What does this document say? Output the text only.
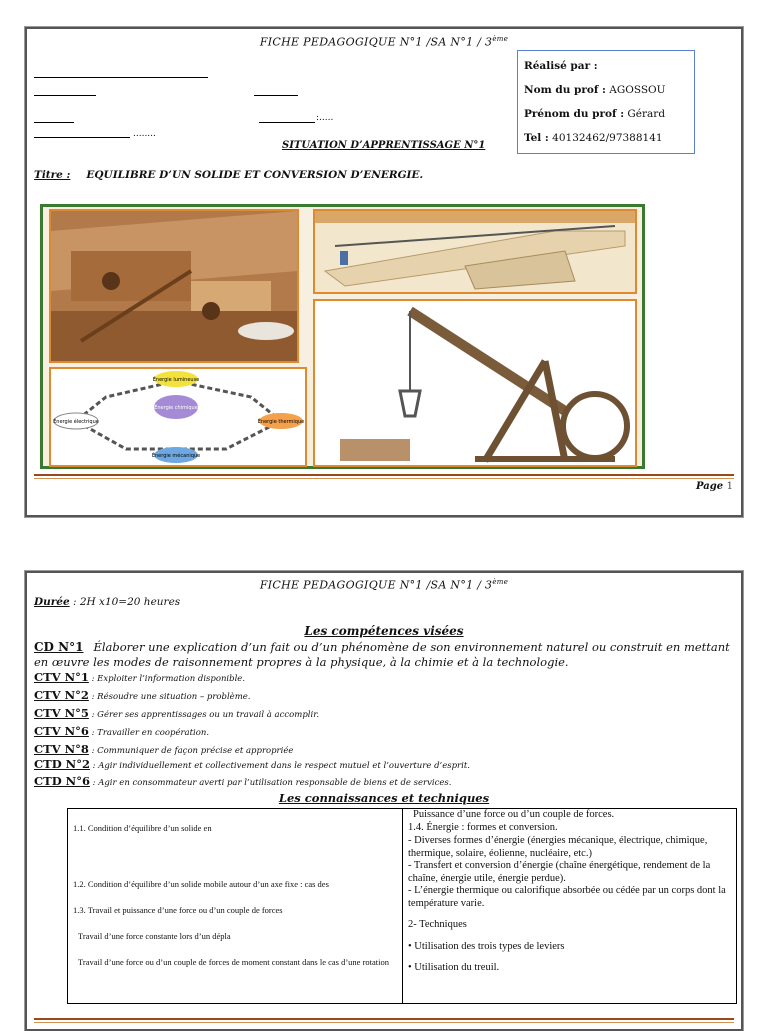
FICHE PEDAGOGIQUE N°1 /SA N°1 / 3ème
:.....
........
Réalisé par :
Nom du prof : AGOSSOU
Prénom du prof : Gérard
Tel : 40132462/97388141
SITUATION D’APPRENTISSAGE N°1
Titre : EQUILIBRE D’UN SOLIDE ET CONVERSION D’ENERGIE.
Énergie lumineuse
Énergie chimique
Énergie électrique	Énergie thermique
Énergie mécanique
Page 1
FICHE PEDAGOGIQUE N°1 /SA N°1 / 3ème
Durée : 2H x10=20 heures
Les compétences visées
CD N°1 Élaborer une explication d’un fait ou d’un phénomène de son environnement naturel ou construit en mettant en œuvre les modes de raisonnement propres à la physique, à la chimie et à la technologie.
CTV N°1 : Exploiter l’information disponible.
CTV N°2 : Résoudre une situation – problème.
CTV N°5 : Gérer ses apprentissages ou un travail à accomplir.
CTV N°6 : Travailler en coopération.
CTV N°8 : Communiquer de façon précise et appropriée
CTD N°2 : Agir individuellement et collectivement dans le respect mutuel et l’ouverture d’esprit.
CTD N°6 : Agir en consommateur averti par l’utilisation responsable de biens et de services.
Les connaissances et techniques
1.1. Condition d’équilibre d’un solide en
1.2. Condition d’équilibre d’un solide mobile autour d’un axe fixe : cas des
1.3. Travail et puissance d’une force ou d’un couple de forces
Travail d’une force constante lors d’un dépla
Travail d’une force ou d’un couple de forces de moment constant dans le cas d’une rotation
Puissance d’une force ou d’un couple de forces.
1.4. Énergie : formes et conversion.
- Diverses formes d’énergie (énergies mécanique, électrique, chimique, thermique, solaire, éolienne, nucléaire, etc.)
- Transfert et conversion d’énergie (chaîne énergétique, rendement de la chaîne, énergie utile, énergie perdue).
- L’énergie thermique ou calorifique absorbée ou cédée par un corps dont la température varie.
2- Techniques
• Utilisation des trois types de leviers
• Utilisation du treuil.
